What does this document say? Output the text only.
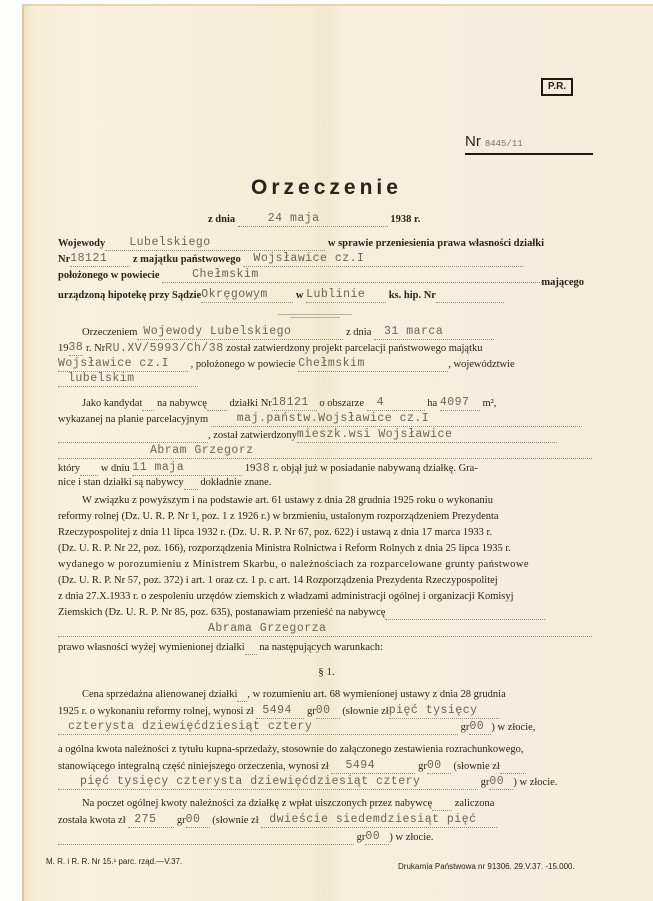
P.R.
Nr 8445/11
Orzeczenie
z dnia	24 maja	1938 r.
Wojewody Lubelskiego	w sprawie przeniesienia prawa własności działki
Nr18121 z majątku państwowego Wojsławice cz.I
położonego w powiecie	Chełmskim
mającego
urządzoną hipotekę przy SądzieOkręgowym	w Lublinie ks. hip. Nr
Orzeczeniem Wojewody Lubelskiego	z dnia 31 marca
1938 r. NrRU.XV/5993/Ch/38 został zatwierdzony projekt parcelacji państwowego majątku
Wojsławice cz.I , położonego w powiecie Chełmskim	, województwie
lubelskim
Jako kandydat na nabywcę działki Nr18121 o obszarze 4	ha 4097 m²,
wykazanej na planie parcelacyjnym maj.państw.Wojsławice cz.I
, został zatwierdzonymieszk.wsi Wojsławice
Abram Grzegorz
który w dniu 11 maja	1938 r. objął już w posiadanie nabywaną działkę. Gra-
nice i stan działki są nabywcy dokładnie znane.
W związku z powyższym i na podstawie art. 61 ustawy z dnia 28 grudnia 1925 roku o wykonaniu
reformy rolnej (Dz. U. R. P. Nr 1, poz. 1 z 1926 r.) w brzmieniu, ustalonym rozporządzeniem Prezydenta
Rzeczypospolitej z dnia 11 lipca 1932 r. (Dz. U. R. P. Nr 67, poz. 622) i ustawą z dnia 17 marca 1933 r.
(Dz. U. R. P. Nr 22, poz. 166), rozporządzenia Ministra Rolnictwa i Reform Rolnych z dnia 25 lipca 1935 r.
wydanego w porozumieniu z Ministrem Skarbu, o należnościach za rozparcelowane grunty państwowe
(Dz. U. R. P. Nr 57, poz. 372) i art. 1 oraz cz. 1 p. c art. 14 Rozporządzenia Prezydenta Rzeczypospolitej
z dnia 27.X.1933 r. o zespoleniu urzędów ziemskich z władzami administracji ogólnej i organizacji Komisyj
Ziemskich (Dz. U. R. P. Nr 85, poz. 635), postanawiam przenieść na nabywcę
Abrama Grzegorza
prawo własności wyżej wymienionej działki na następujących warunkach:
§ 1.
Cena sprzedażna alienowanej działki , w rozumieniu art. 68 wymienionej ustawy z dnia 28 grudnia
1925 r. o wykonaniu reformy rolnej, wynosi zł 5494 gr00 (słownie złpięć tysięcy
czterysta dziewięćdziesiąt cztery	gr00 ) w złocie,
a ogólna kwota należności z tytułu kupna-sprzedaży, stosownie do załączonego zestawienia rozrachunkowego,
stanowiącego integralną część niniejszego orzeczenia, wynosi zł 5494	gr00 (słownie zł
pięć tysięcy czterysta dziewięćdziesiąt cztery	gr00 ) w złocie.
Na poczet ogólnej kwoty należności za działkę z wpłat uiszczonych przez nabywcę zaliczona
została kwota zł 275 gr00 (słownie zł dwieście siedemdziesiąt pięć
gr00 ) w złocie.
M. R. i R. R. Nr 15.¹ parc. rząd.—V.37.
Drukarnia Państwowa nr 91306. 29.V.37. -15.000.
